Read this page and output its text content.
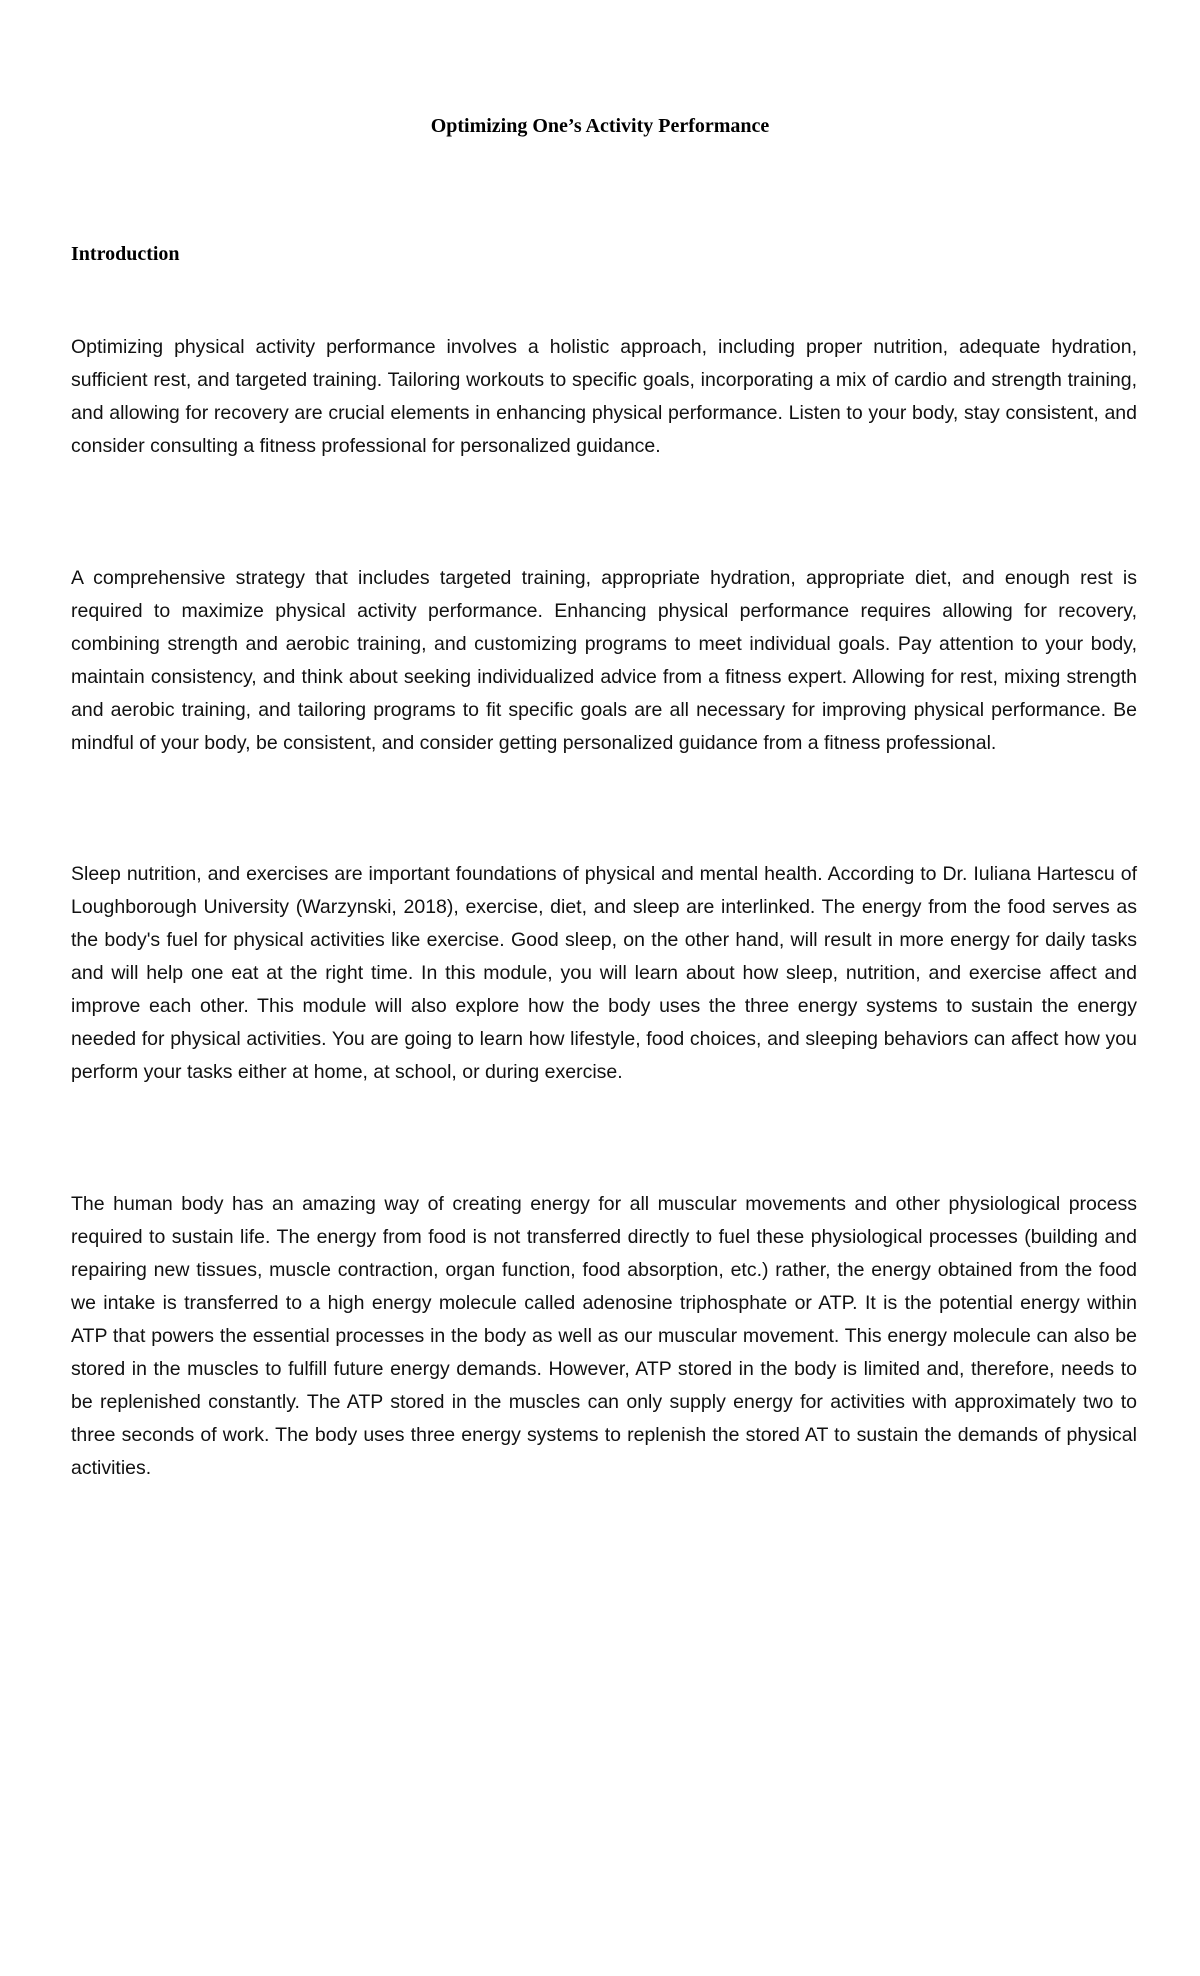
Optimizing One’s Activity Performance
Introduction

Optimizing physical activity performance involves a holistic approach, including proper nutrition, adequate hydration, sufficient rest, and targeted training. Tailoring workouts to specific goals, incorporating a mix of cardio and strength training, and allowing for recovery are crucial elements in enhancing physical performance. Listen to your body, stay consistent, and consider consulting a fitness professional for personalized guidance.

A comprehensive strategy that includes targeted training, appropriate hydration, appropriate diet, and enough rest is required to maximize physical activity performance. Enhancing physical performance requires allowing for recovery, combining strength and aerobic training, and customizing programs to meet individual goals. Pay attention to your body, maintain consistency, and think about seeking individualized advice from a fitness expert. Allowing for rest, mixing strength and aerobic training, and tailoring programs to fit specific goals are all necessary for improving physical performance. Be mindful of your body, be consistent, and consider getting personalized guidance from a fitness professional.

Sleep nutrition, and exercises are important foundations of physical and mental health. According to Dr. Iuliana Hartescu of Loughborough University (Warzynski, 2018), exercise, diet, and sleep are interlinked. The energy from the food serves as the body's fuel for physical activities like exercise. Good sleep, on the other hand, will result in more energy for daily tasks and will help one eat at the right time. In this module, you will learn about how sleep, nutrition, and exercise affect and improve each other. This module will also explore how the body uses the three energy systems to sustain the energy needed for physical activities. You are going to learn how lifestyle, food choices, and sleeping behaviors can affect how you perform your tasks either at home, at school, or during exercise.

The human body has an amazing way of creating energy for all muscular movements and other physiological process required to sustain life. The energy from food is not transferred directly to fuel these physiological processes (building and repairing new tissues, muscle contraction, organ function, food absorption, etc.) rather, the energy obtained from the food we intake is transferred to a high energy molecule called adenosine triphosphate or ATP. It is the potential energy within ATP that powers the essential processes in the body as well as our muscular movement. This energy molecule can also be stored in the muscles to fulfill future energy demands. However, ATP stored in the body is limited and, therefore, needs to be replenished constantly. The ATP stored in the muscles can only supply energy for activities with approximately two to three seconds of work. The body uses three energy systems to replenish the stored AT to sustain the demands of physical activities.
